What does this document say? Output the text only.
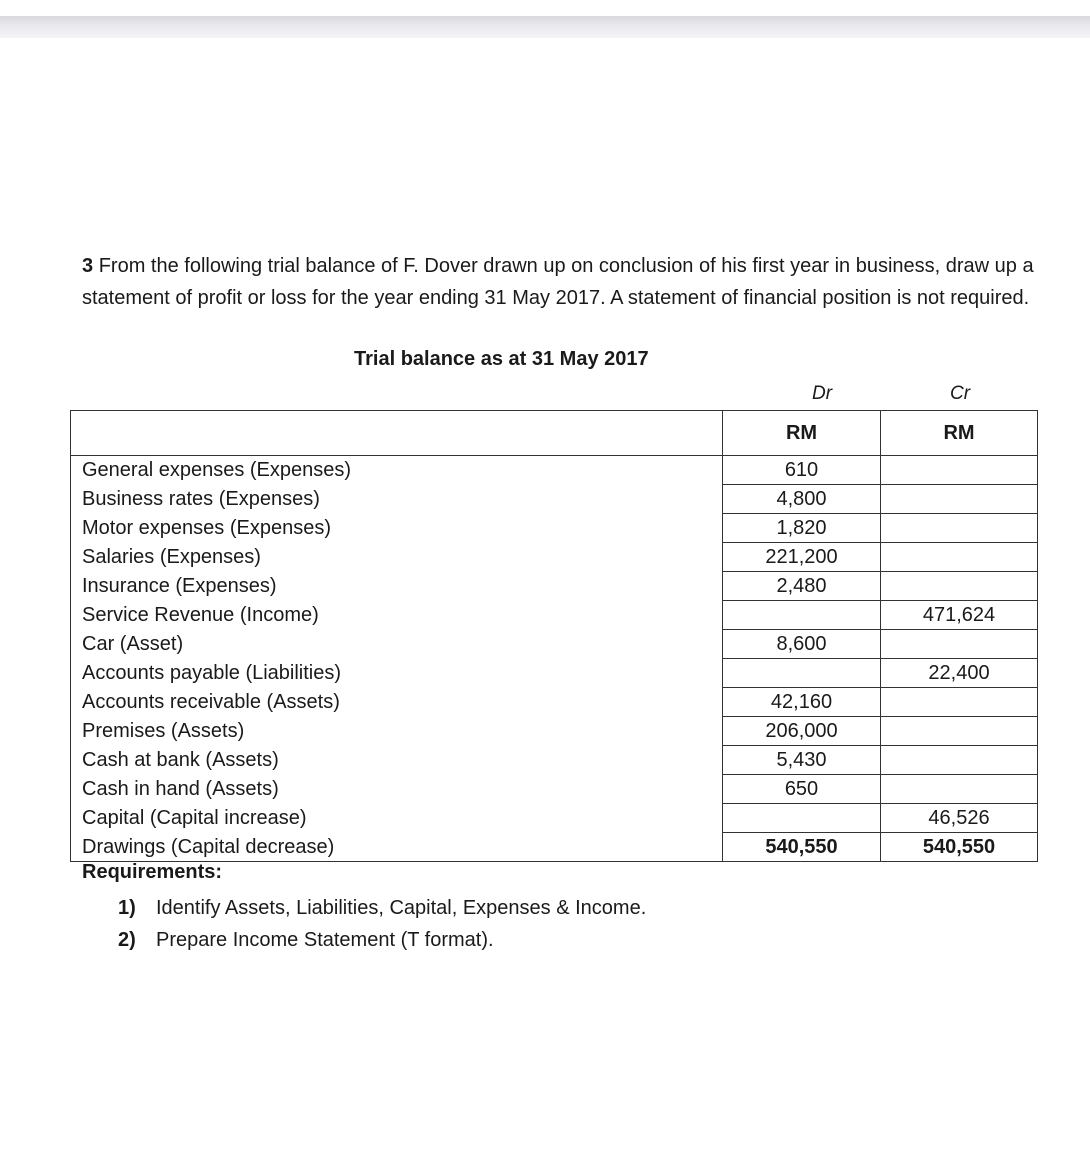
3 From the following trial balance of F. Dover drawn up on conclusion of his first year in business, draw up a statement of profit or loss for the year ending 31 May 2017. A statement of financial position is not required.

Trial balance as at 31 May 2017

Dr	Cr
	RM	RM
General expenses (Expenses)	610	
Business rates (Expenses)	4,800	
Motor expenses (Expenses)	1,820	
Salaries (Expenses)	221,200	
Insurance (Expenses)	2,480	
Service Revenue (Income)		471,624
Car (Asset)	8,600	
Accounts payable (Liabilities)		22,400
Accounts receivable (Assets)	42,160	
Premises (Assets)	206,000	
Cash at bank (Assets)	5,430	
Cash in hand (Assets)	650	
Capital (Capital increase)		46,526
Drawings (Capital decrease)	540,550	540,550

Requirements:

1) Identify Assets, Liabilities, Capital, Expenses & Income.
2) Prepare Income Statement (T format).
